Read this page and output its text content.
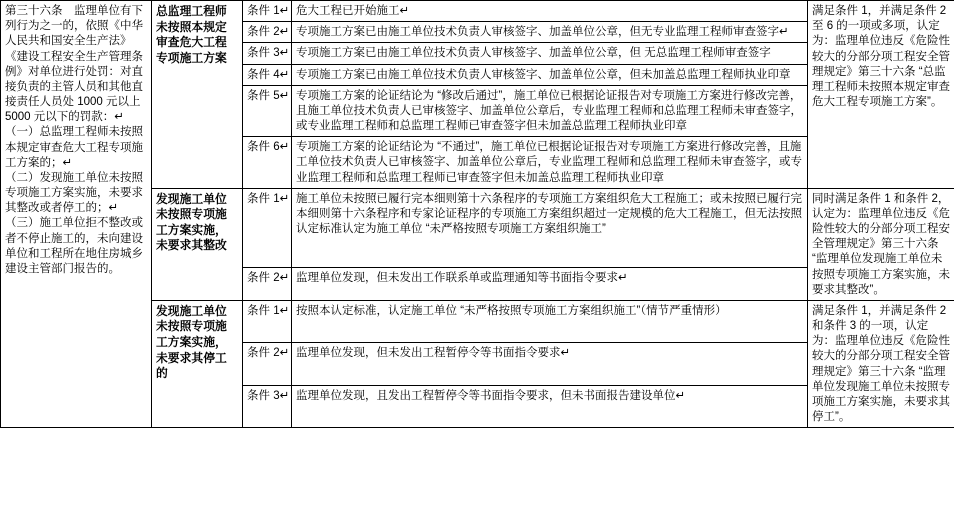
第三十六条　监理单位有下列行为之一的，依照《中华人民共和国安全生产法》《建设工程安全生产管理条例》对单位进行处罚：对直接负责的主管人员和其他直接责任人员处 1000 元以上 5000 元以下的罚款：↵
（一）总监理工程师未按照本规定审查危大工程专项施工方案的；↵
（二）发现施工单位未按照专项施工方案实施，未要求其整改或者停工的；↵
（三）施工单位拒不整改或者不停止施工的，未向建设单位和工程所在地住房城乡建设主管部门报告的。	总监理工程师未按照本规定审查危大工程专项施工方案	条件 1↵	危大工程已开始施工↵	满足条件 1，并满足条件 2 至 6 的一项或多项，认定为：监理单位违反《危险性较大的分部分项工程安全管理规定》第三十六条 “总监理工程师未按照本规定审查危大工程专项施工方案”。
		条件 2↵	专项施工方案已由施工单位技术负责人审核签字、加盖单位公章，但无专业监理工程师审查签字↵	
		条件 3↵	专项施工方案已由施工单位技术负责人审核签字、加盖单位公章，但 无总监理工程师审查签字	
		条件 4↵	专项施工方案已由施工单位技术负责人审核签字、加盖单位公章，但未加盖总监理工程师执业印章	
		条件 5↵	专项施工方案的论证结论为 “修改后通过”，施工单位已根据论证报告对专项施工方案进行修改完善，且施工单位技术负责人已审核签字、加盖单位公章后，专业监理工程师和总监理工程师未审查签字，或专业监理工程师和总监理工程师已审查签字但未加盖总监理工程师执业印章	
		条件 6↵	专项施工方案的论证结论为 “不通过”，施工单位已根据论证报告对专项施工方案进行修改完善，且施工单位技术负责人已审核签字、加盖单位公章后，专业监理工程师和总监理工程师未审查签字，或专业监理工程师和总监理工程师已审查签字但未加盖总监理工程师执业印章	
	发现施工单位未按照专项施工方案实施，未要求其整改	条件 1↵	施工单位未按照已履行完本细则第十六条程序的专项施工方案组织危大工程施工；或未按照已履行完本细则第十六条程序和专家论证程序的专项施工方案组织超过一定规模的危大工程施工，但无法按照认定标准认定为施工单位 “未严格按照专项施工方案组织施工”	同时满足条件 1 和条件 2，认定为：监理单位违反《危险性较大的分部分项工程安全管理规定》第三十六条 “监理单位发现施工单位未按照专项施工方案实施，未要求其整改”。
		条件 2↵	监理单位发现，但未发出工作联系单或监理通知等书面指令要求↵	
	发现施工单位未按照专项施工方案实施，未要求其停工的	条件 1↵	按照本认定标准，认定施工单位 “未严格按照专项施工方案组织施工”（情节严重情形）	满足条件 1，并满足条件 2 和条件 3 的一项，认定为：监理单位违反《危险性较大的分部分项工程安全管理规定》第三十六条 “监理单位发现施工单位未按照专项施工方案实施，未要求其停工”。
		条件 2↵	监理单位发现，但未发出工程暂停令等书面指令要求↵	
		条件 3↵	监理单位发现，且发出工程暂停令等书面指令要求，但未书面报告建设单位↵	
